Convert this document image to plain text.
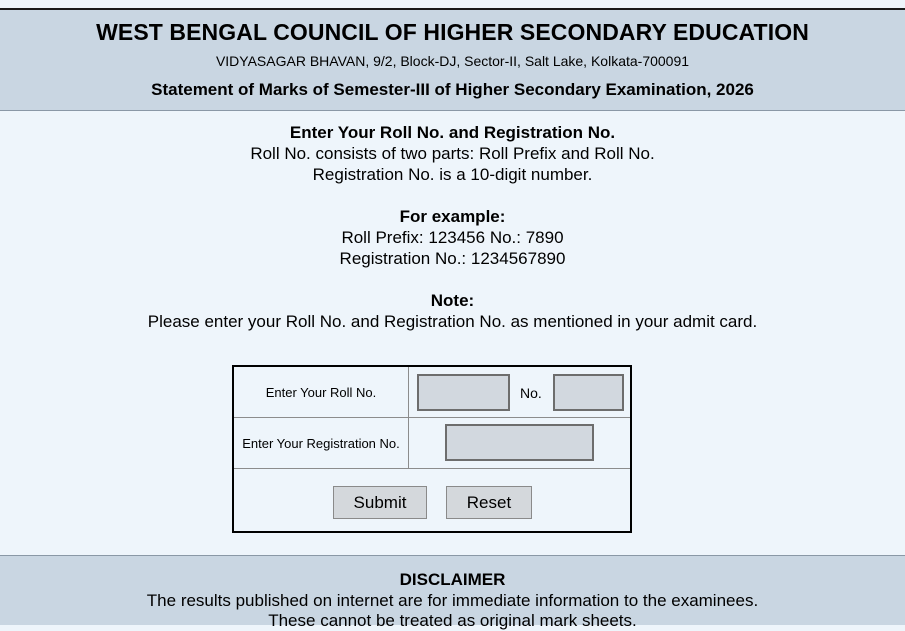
WEST BENGAL COUNCIL OF HIGHER SECONDARY EDUCATION
VIDYASAGAR BHAVAN, 9/2, Block-DJ, Sector-II, Salt Lake, Kolkata-700091
Statement of Marks of Semester-III of Higher Secondary Examination, 2026
Enter Your Roll No. and Registration No.
Roll No. consists of two parts: Roll Prefix and Roll No.
Registration No. is a 10-digit number.
For example:
Roll Prefix: 123456 No.: 7890
Registration No.: 1234567890
Note:
Please enter your Roll No. and Registration No. as mentioned in your admit card.
Enter Your Roll No.	No.
Enter Your Registration No.
Submit	Reset
DISCLAIMER
The results published on internet are for immediate information to the examinees.
These cannot be treated as original mark sheets.
